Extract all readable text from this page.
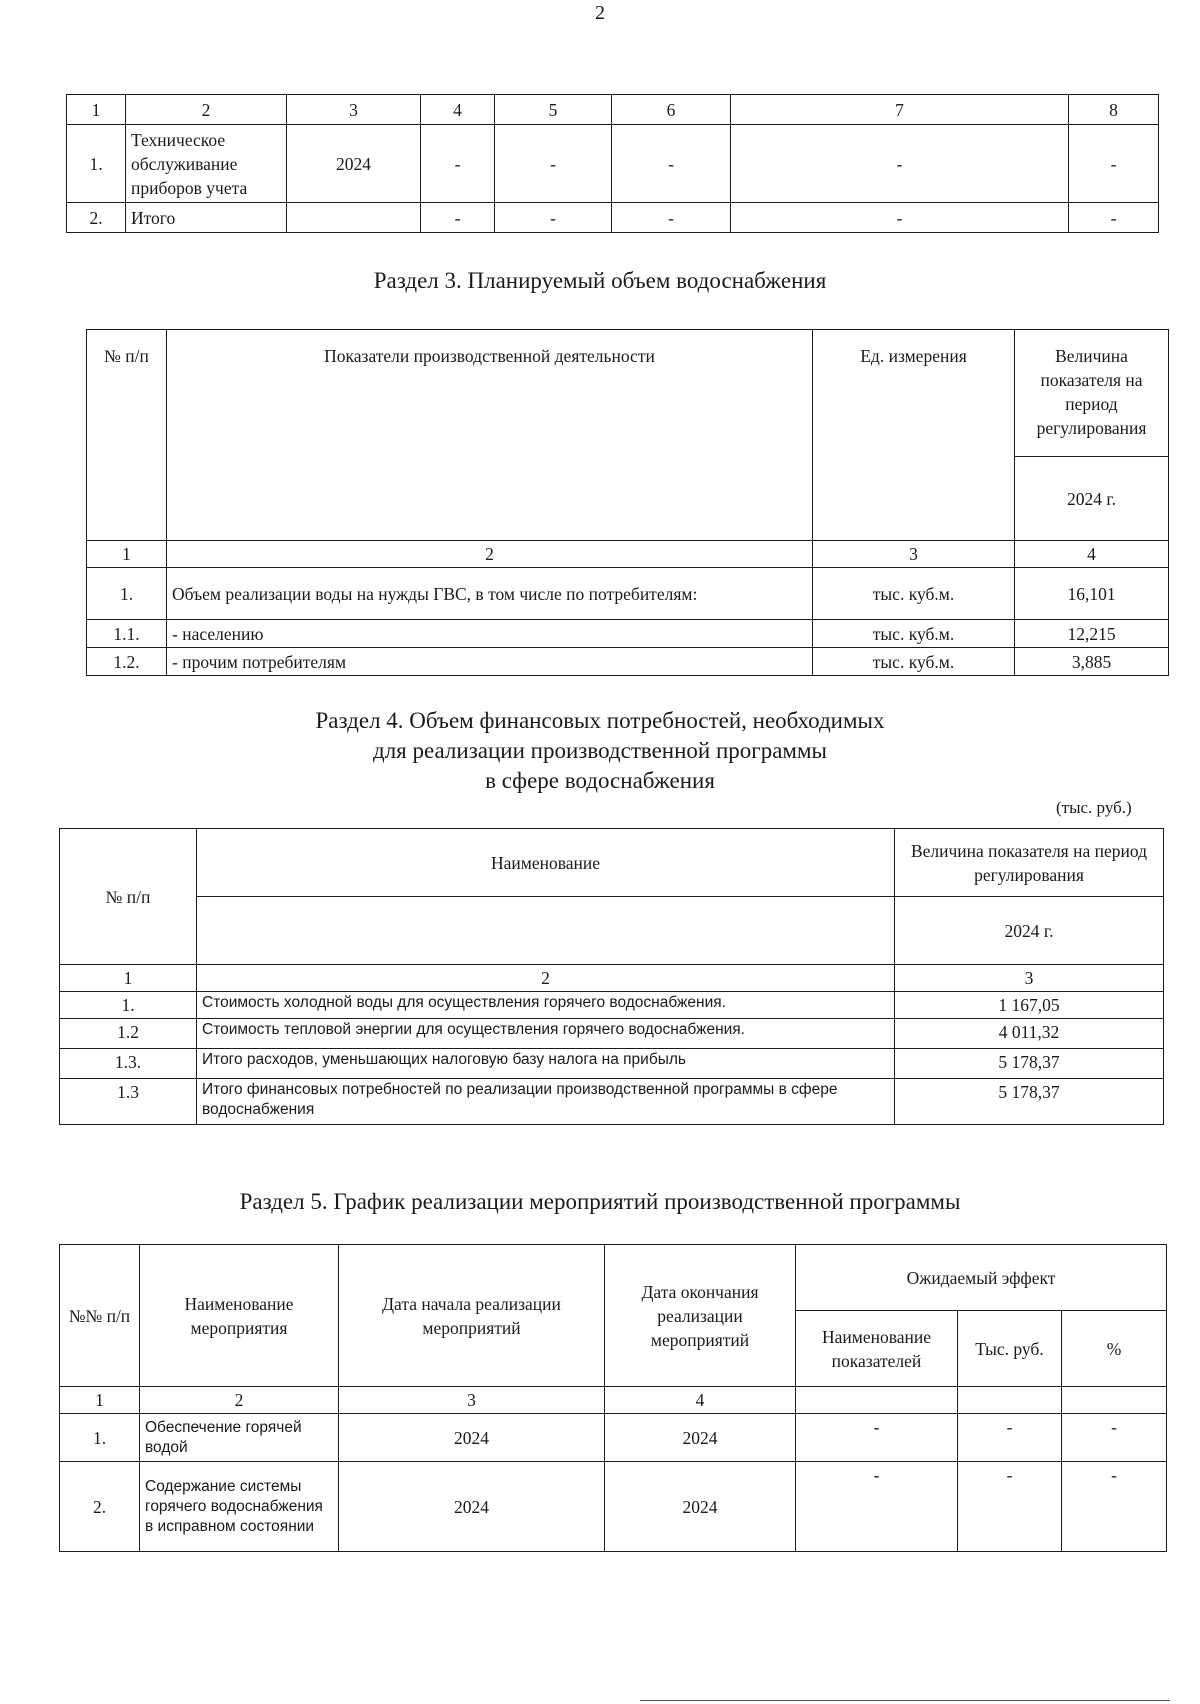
2
1	2	3	4	5	6	7	8
1.	Техническое обслуживание приборов учета	2024	-	-	-	-	-
2.	Итого		-	-	-	-	-
Раздел 3. Планируемый объем водоснабжения
№ п/п	Показатели производственной деятельности	Ед. измерения	Величина показателя на период регулирования
			2024 г.
1	2	3	4
1.	Объем реализации воды на нужды ГВС, в том числе по потребителям:	тыс. куб.м.	16,101
1.1.	- населению	тыс. куб.м.	12,215
1.2.	- прочим потребителям	тыс. куб.м.	3,885
Раздел 4. Объем финансовых потребностей, необходимых
для реализации производственной программы
в сфере водоснабжения
(тыс. руб.)
№ п/п	Наименование	Величина показателя на период регулирования
		2024 г.
1	2	3
1.	Стоимость холодной воды для осуществления горячего водоснабжения.	1 167,05
1.2	Стоимость тепловой энергии для осуществления горячего водоснабжения.	4 011,32
1.3.	Итого расходов, уменьшающих налоговую базу налога на прибыль	5 178,37
1.3	Итого финансовых потребностей по реализации производственной программы в сфере водоснабжения	5 178,37
Раздел 5. График реализации мероприятий производственной программы
№№ п/п	Наименование мероприятия	Дата начала реализации мероприятий	Дата окончания реализации мероприятий	Ожидаемый эффект		
				Наименование показателей	Тыс. руб.	%
1	2	3	4			
1.	Обеспечение горячей водой	2024	2024	-	-	-
2.	Содержание системы горячего водоснабжения в исправном состоянии	2024	2024	-	-	-
